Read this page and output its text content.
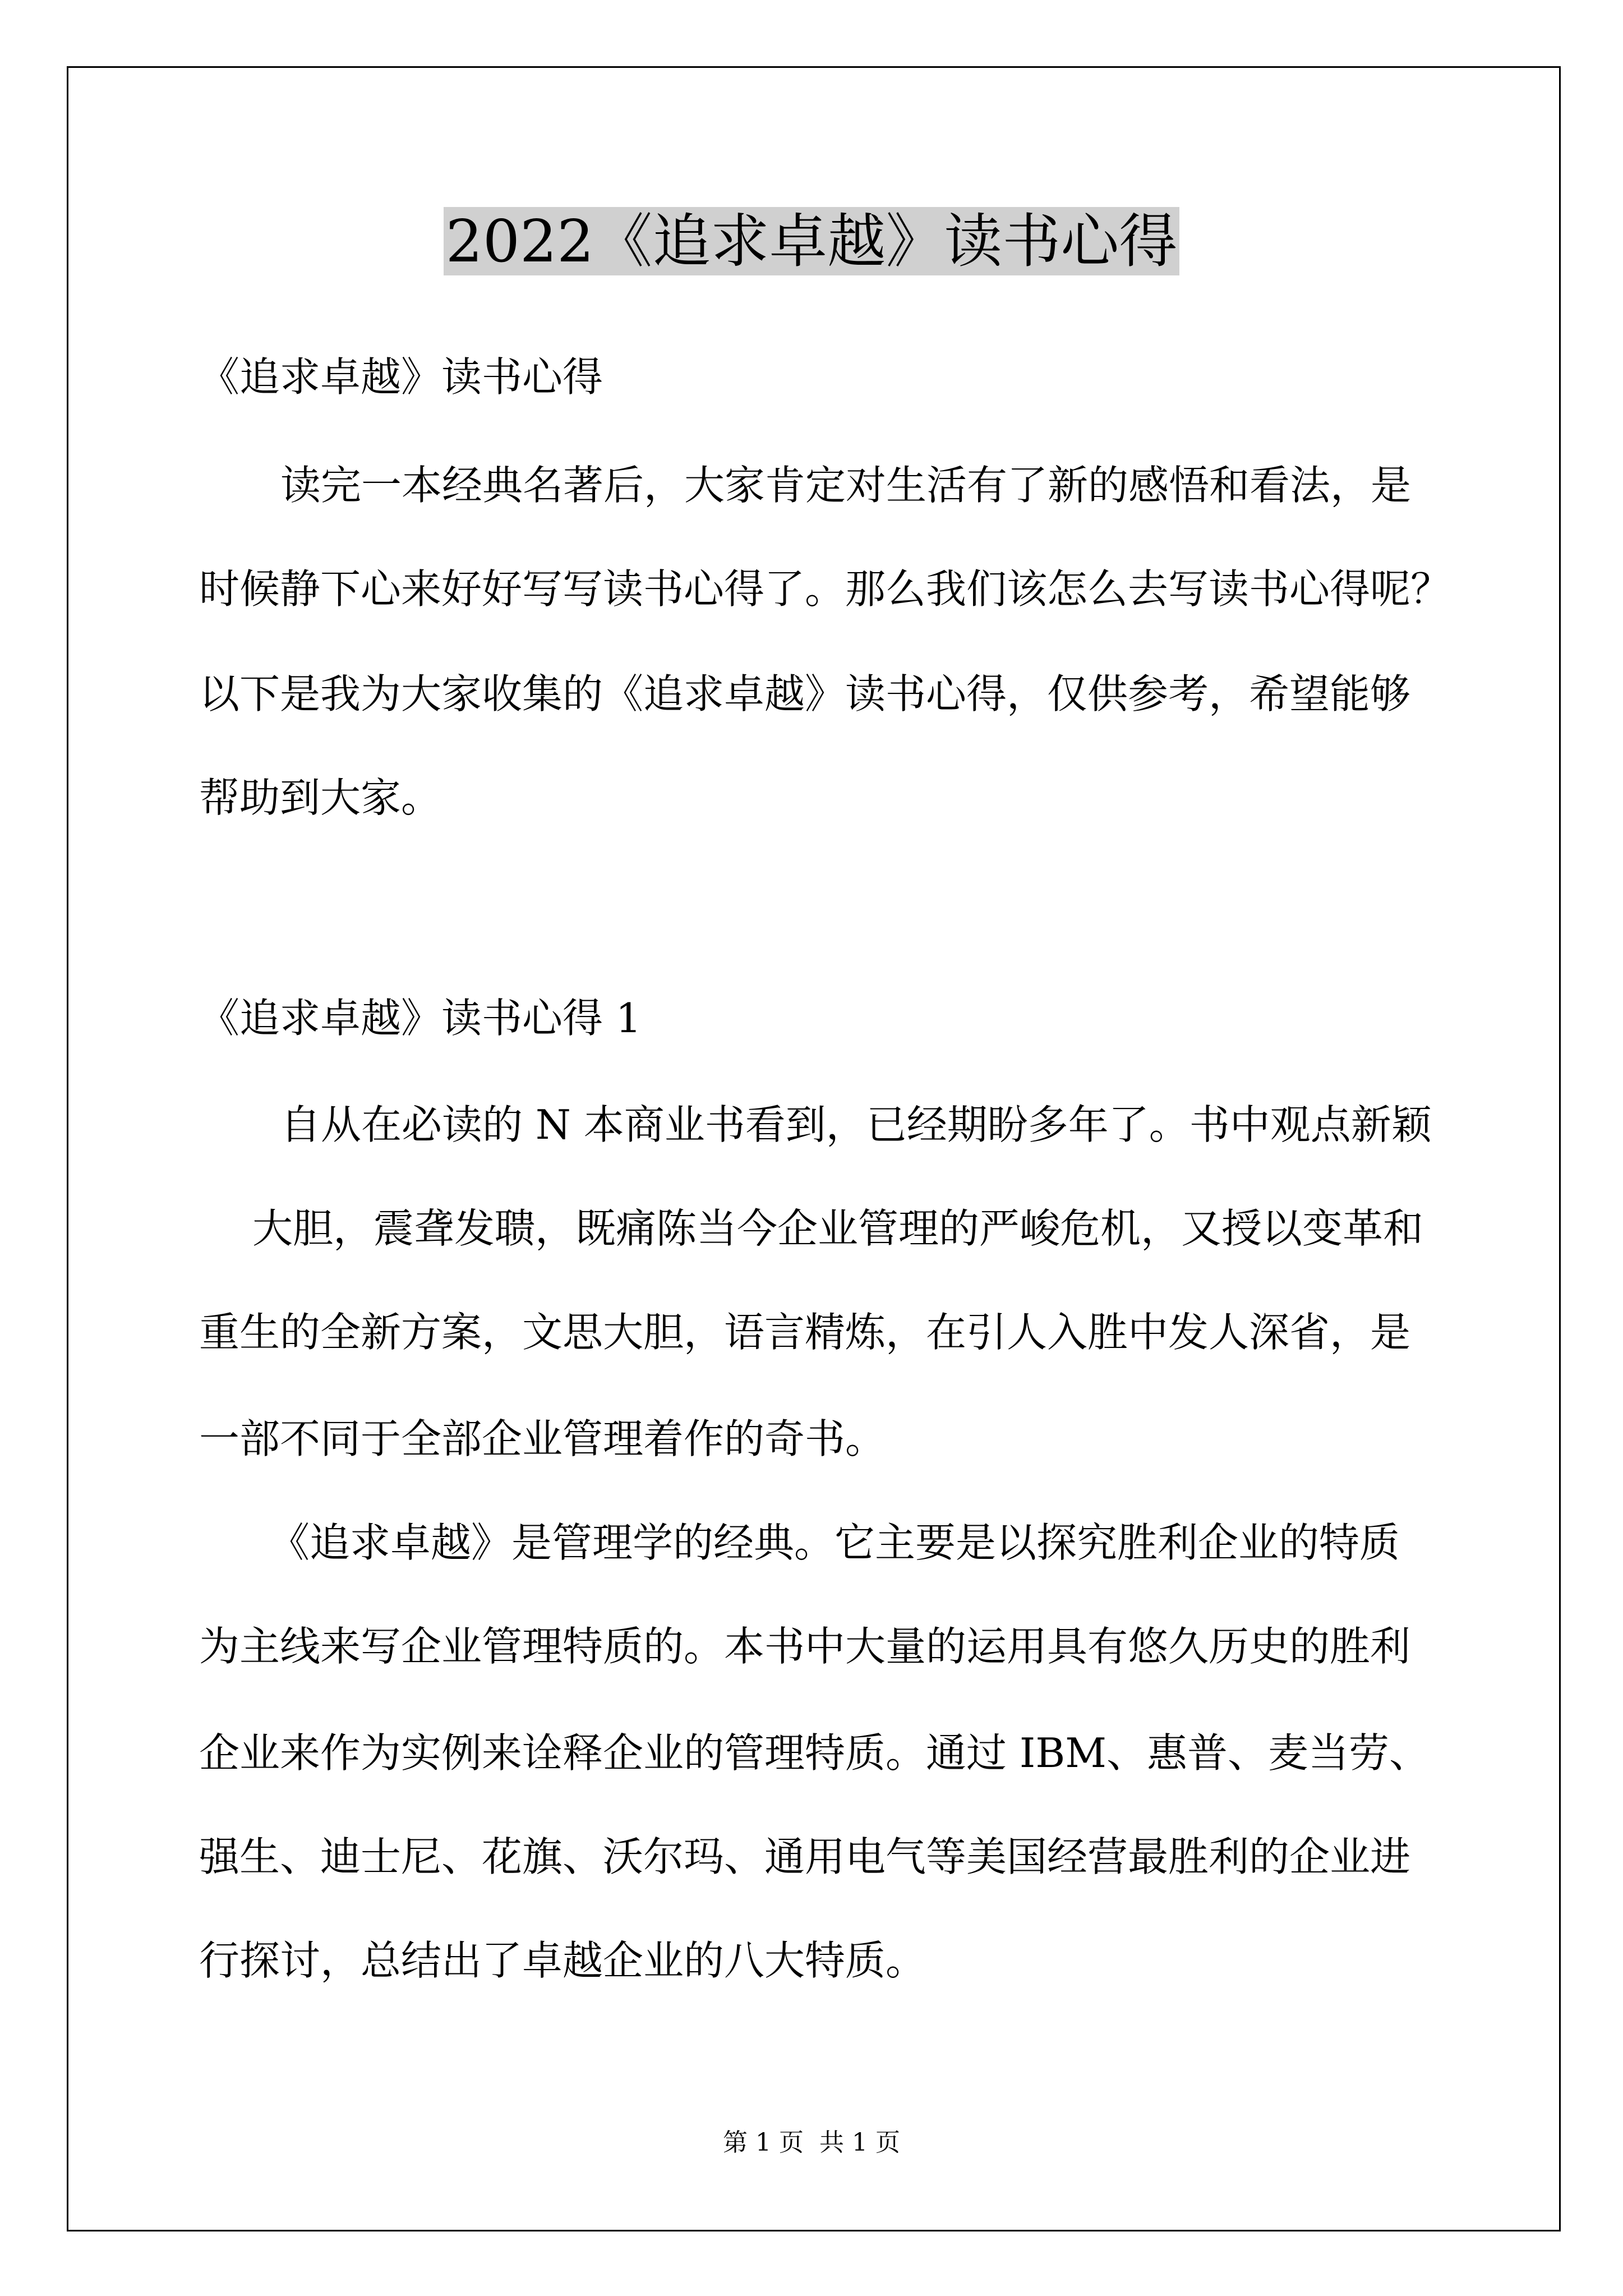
2022《追求卓越》读书心得
《追求卓越》读书心得
读完一本经典名著后，大家肯定对生活有了新的感悟和看法，是
时候静下心来好好写写读书心得了。那么我们该怎么去写读书心得呢？
以下是我为大家收集的《追求卓越》读书心得，仅供参考，希望能够
帮助到大家。
《追求卓越》读书心得 1
自从在必读的 N 本商业书看到，已经期盼多年了。书中观点新颖
大胆，震聋发聩，既痛陈当今企业管理的严峻危机，又授以变革和
重生的全新方案，文思大胆，语言精炼，在引人入胜中发人深省，是
一部不同于全部企业管理着作的奇书。
《追求卓越》是管理学的经典。它主要是以探究胜利企业的特质
为主线来写企业管理特质的。本书中大量的运用具有悠久历史的胜利
企业来作为实例来诠释企业的管理特质。通过 IBM、惠普、麦当劳、
强生、迪士尼、花旗、沃尔玛、通用电气等美国经营最胜利的企业进
行探讨，总结出了卓越企业的八大特质。
第 1 页 共 1 页
